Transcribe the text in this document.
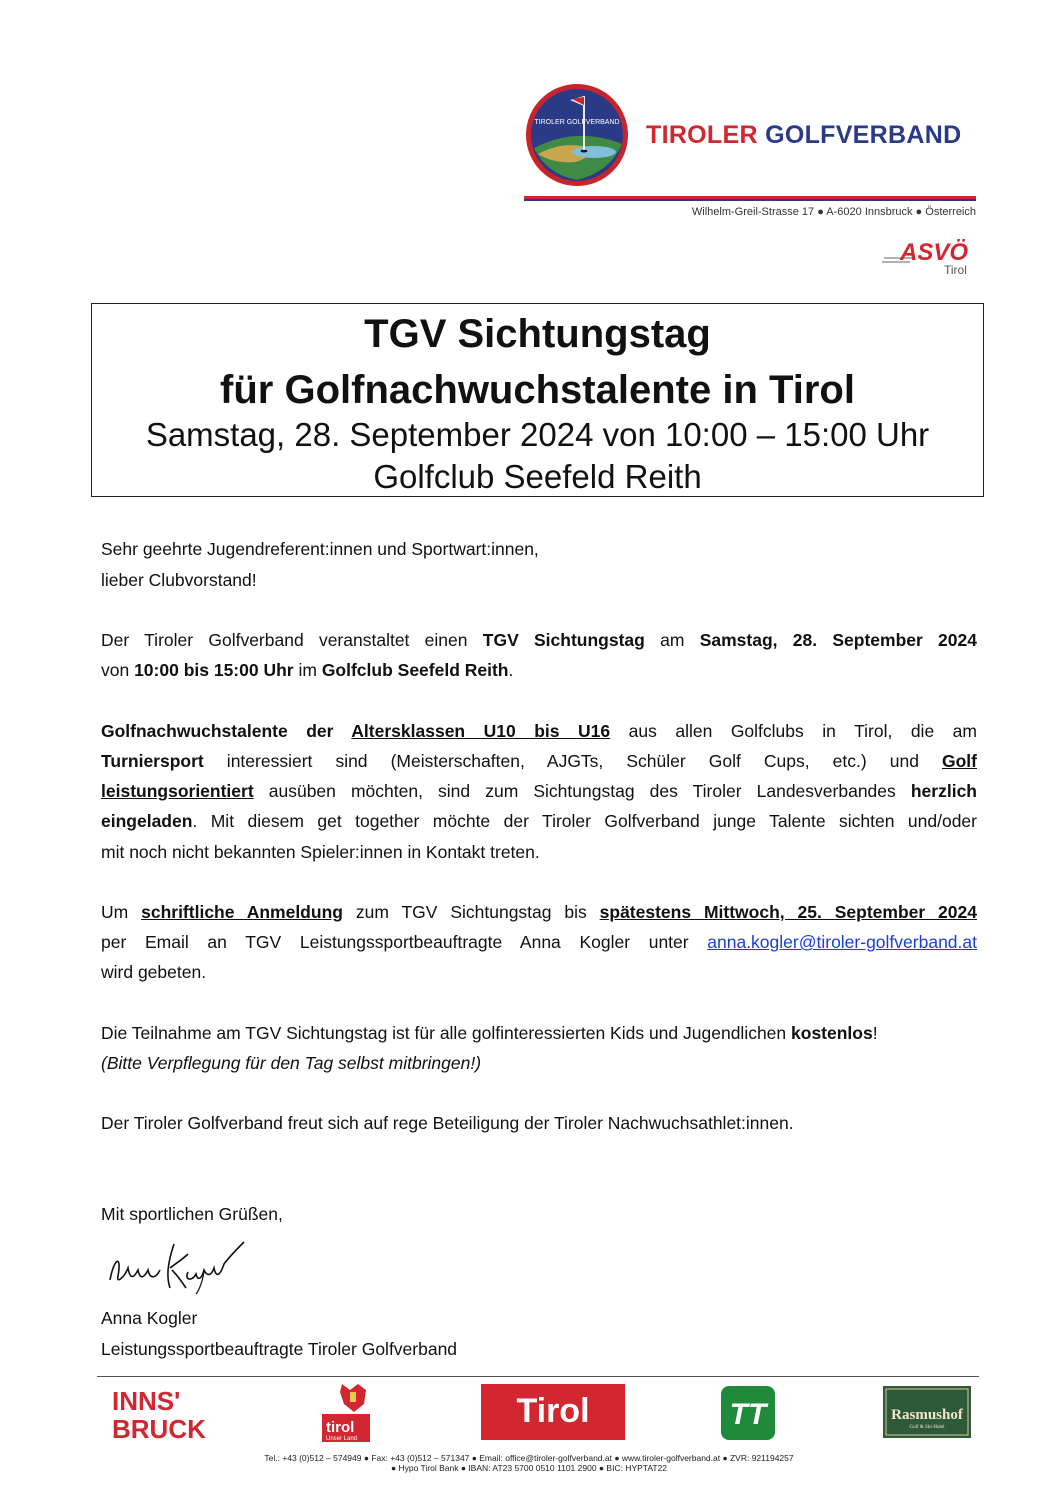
TIROLER GOLFVERBAND TIROLER GOLFVERBAND
Wilhelm-Greil-Strasse 17 ● A-6020 Innsbruck ● Österreich
ASVÖ
Tirol
TGV Sichtungstag
für Golfnachwuchstalente in Tirol
Samstag, 28. September 2024 von 10:00 – 15:00 Uhr
Golfclub Seefeld Reith
Sehr geehrte Jugendreferent:innen und Sportwart:innen,
lieber Clubvorstand!
Der Tiroler Golfverband veranstaltet einen TGV Sichtungstag am Samstag, 28. September 2024
von 10:00 bis 15:00 Uhr im Golfclub Seefeld Reith.
Golfnachwuchstalente der Altersklassen U10 bis U16 aus allen Golfclubs in Tirol, die am
Turniersport interessiert sind (Meisterschaften, AJGTs, Schüler Golf Cups, etc.) und Golf
leistungsorientiert ausüben möchten, sind zum Sichtungstag des Tiroler Landesverbandes herzlich
eingeladen. Mit diesem get together möchte der Tiroler Golfverband junge Talente sichten und/oder
mit noch nicht bekannten Spieler:innen in Kontakt treten.
Um schriftliche Anmeldung zum TGV Sichtungstag bis spätestens Mittwoch, 25. September 2024
per Email an TGV Leistungssportbeauftragte Anna Kogler unter anna.kogler@tiroler-golfverband.at
wird gebeten.
Die Teilnahme am TGV Sichtungstag ist für alle golfinteressierten Kids und Jugendlichen kostenlos!
(Bitte Verpflegung für den Tag selbst mitbringen!)
Der Tiroler Golfverband freut sich auf rege Beteiligung der Tiroler Nachwuchsathlet:innen.
Mit sportlichen Grüßen,
Anna Kogler
Leistungssportbeauftragte Tiroler Golfverband
INNS'
BRUCK	tirol
Unser Land
Tirol	TT	Rasmushof
Golf & Ski-Hotel
Tel.: +43 (0)512 – 574949 ● Fax: +43 (0)512 – 571347 ● Email: office@tiroler-golfverband.at ● www.tiroler-golfverband.at ● ZVR: 921194257
● Hypo Tirol Bank ● IBAN: AT23 5700 0510 1101 2900 ● BIC: HYPTAT22
